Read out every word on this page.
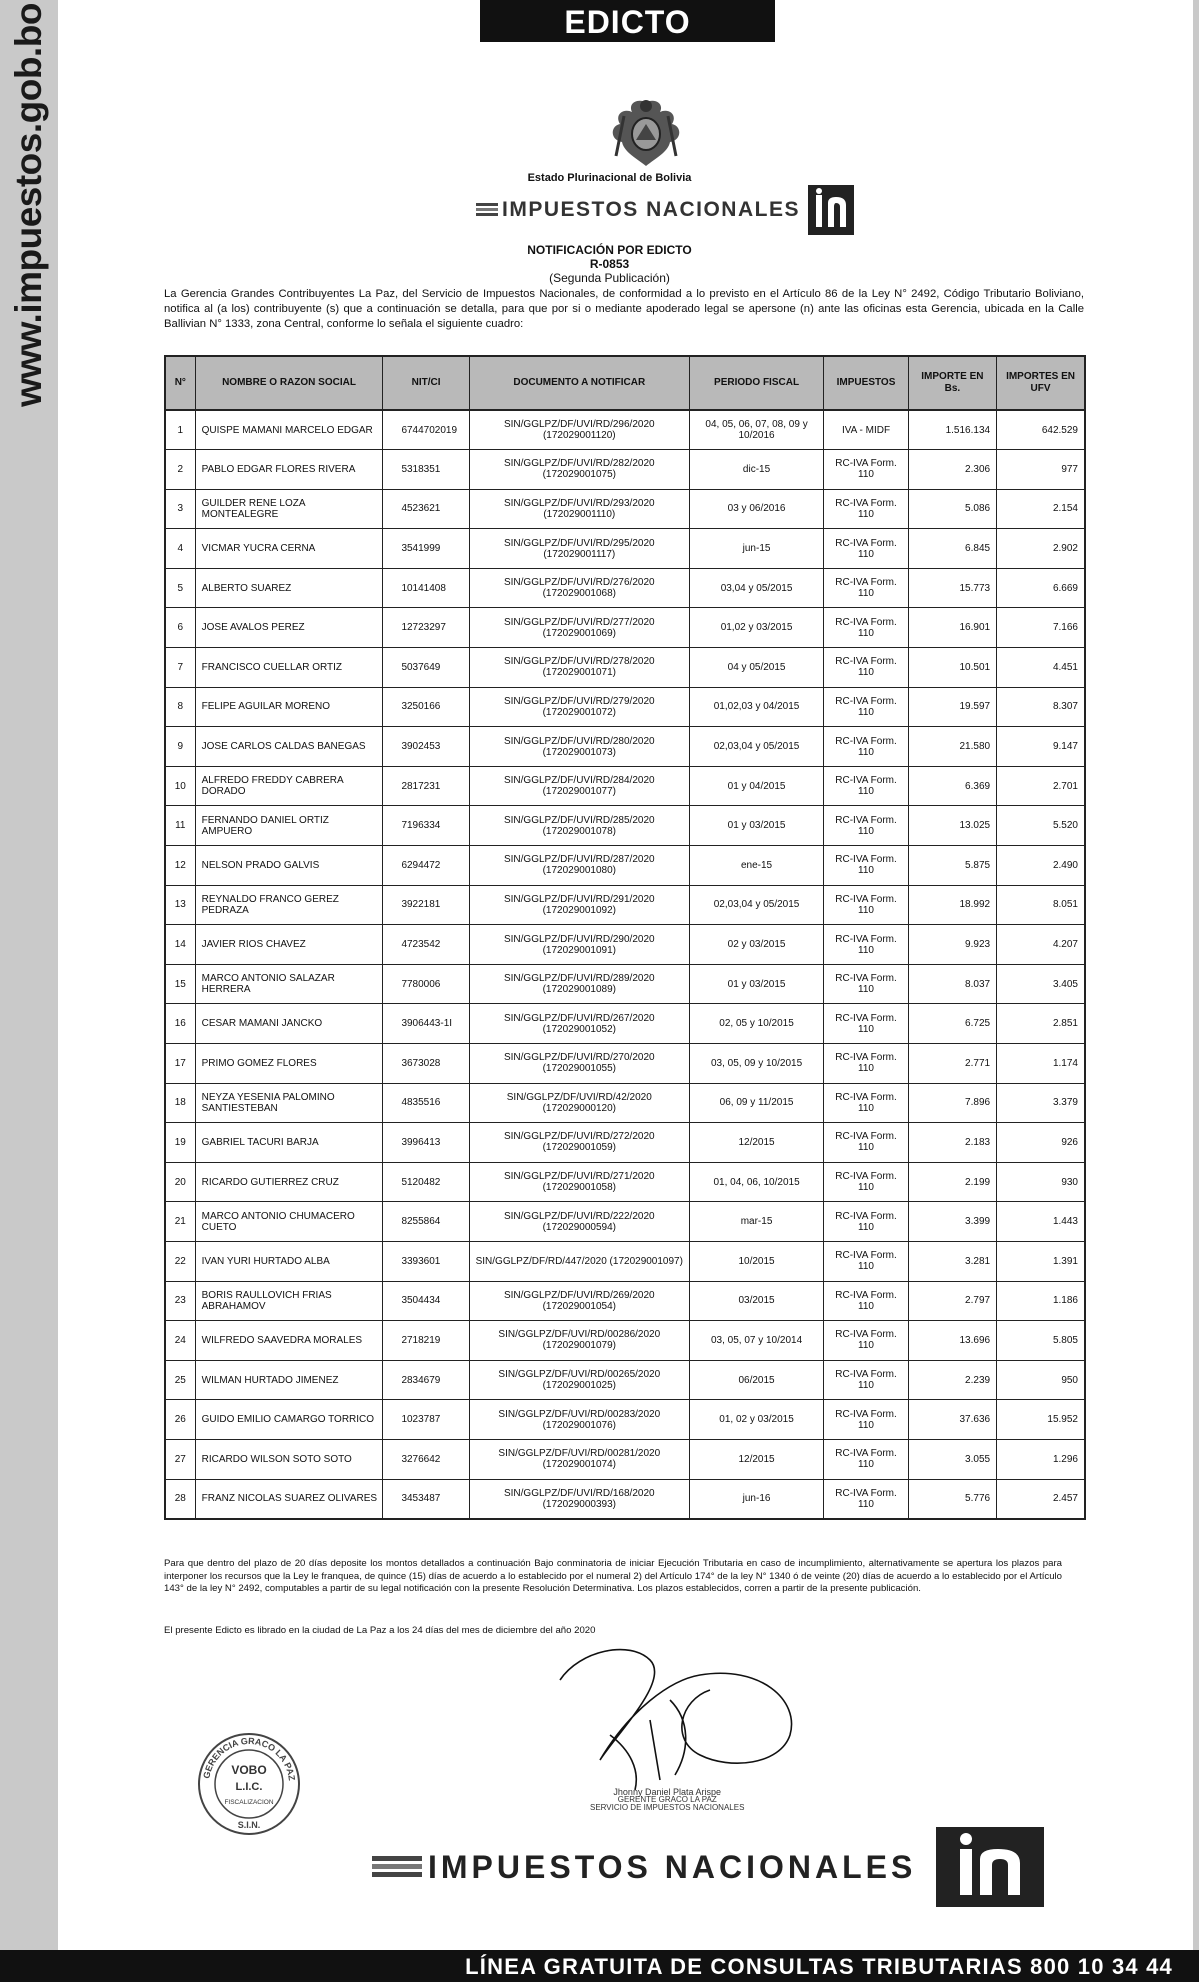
www.impuestos.gob.bo	EDICTO
Estado Plurinacional de Bolivia
IMPUESTOS NACIONALES
NOTIFICACIÓN POR EDICTO
R-0853
(Segunda Publicación)
La Gerencia Grandes Contribuyentes La Paz, del Servicio de Impuestos Nacionales, de conformidad a lo previsto en el Artículo 86 de la Ley N° 2492, Código Tributario Boliviano, notifica al (a los) contribuyente (s) que a continuación se detalla, para que por si o mediante apoderado legal se apersone (n) ante las oficinas esta Gerencia, ubicada en la Calle Ballivian N° 1333, zona Central, conforme lo señala el siguiente cuadro:
N°	NOMBRE O RAZON SOCIAL	NIT/CI	DOCUMENTO A NOTIFICAR	PERIODO FISCAL	IMPUESTOS	IMPORTE EN Bs.	IMPORTES EN UFV
1	QUISPE MAMANI MARCELO EDGAR	6744702019	SIN/GGLPZ/DF/UVI/RD/296/2020 (172029001120)	04, 05, 06, 07, 08, 09 y 10/2016	IVA - MIDF	1.516.134	642.529
2	PABLO EDGAR FLORES RIVERA	5318351	SIN/GGLPZ/DF/UVI/RD/282/2020 (172029001075)	dic-15	RC-IVA Form. 110	2.306	977
3	GUILDER RENE LOZA MONTEALEGRE	4523621	SIN/GGLPZ/DF/UVI/RD/293/2020 (172029001110)	03 y 06/2016	RC-IVA Form. 110	5.086	2.154
4	VICMAR YUCRA CERNA	3541999	SIN/GGLPZ/DF/UVI/RD/295/2020 (172029001117)	jun-15	RC-IVA Form. 110	6.845	2.902
5	ALBERTO SUAREZ	10141408	SIN/GGLPZ/DF/UVI/RD/276/2020 (172029001068)	03,04 y 05/2015	RC-IVA Form. 110	15.773	6.669
6	JOSE AVALOS PEREZ	12723297	SIN/GGLPZ/DF/UVI/RD/277/2020 (172029001069)	01,02 y 03/2015	RC-IVA Form. 110	16.901	7.166
7	FRANCISCO CUELLAR ORTIZ	5037649	SIN/GGLPZ/DF/UVI/RD/278/2020 (172029001071)	04 y 05/2015	RC-IVA Form. 110	10.501	4.451
8	FELIPE AGUILAR MORENO	3250166	SIN/GGLPZ/DF/UVI/RD/279/2020 (172029001072)	01,02,03 y 04/2015	RC-IVA Form. 110	19.597	8.307
9	JOSE CARLOS CALDAS BANEGAS	3902453	SIN/GGLPZ/DF/UVI/RD/280/2020 (172029001073)	02,03,04 y 05/2015	RC-IVA Form. 110	21.580	9.147
10	ALFREDO FREDDY CABRERA DORADO	2817231	SIN/GGLPZ/DF/UVI/RD/284/2020 (172029001077)	01 y 04/2015	RC-IVA Form. 110	6.369	2.701
11	FERNANDO DANIEL ORTIZ AMPUERO	7196334	SIN/GGLPZ/DF/UVI/RD/285/2020 (172029001078)	01 y 03/2015	RC-IVA Form. 110	13.025	5.520
12	NELSON PRADO GALVIS	6294472	SIN/GGLPZ/DF/UVI/RD/287/2020 (172029001080)	ene-15	RC-IVA Form. 110	5.875	2.490
13	REYNALDO FRANCO GEREZ PEDRAZA	3922181	SIN/GGLPZ/DF/UVI/RD/291/2020 (172029001092)	02,03,04 y 05/2015	RC-IVA Form. 110	18.992	8.051
14	JAVIER RIOS CHAVEZ	4723542	SIN/GGLPZ/DF/UVI/RD/290/2020 (172029001091)	02 y 03/2015	RC-IVA Form. 110	9.923	4.207
15	MARCO ANTONIO SALAZAR HERRERA	7780006	SIN/GGLPZ/DF/UVI/RD/289/2020 (172029001089)	01 y 03/2015	RC-IVA Form. 110	8.037	3.405
16	CESAR MAMANI JANCKO	3906443-1I	SIN/GGLPZ/DF/UVI/RD/267/2020 (172029001052)	02, 05 y 10/2015	RC-IVA Form. 110	6.725	2.851
17	PRIMO GOMEZ FLORES	3673028	SIN/GGLPZ/DF/UVI/RD/270/2020 (172029001055)	03, 05, 09 y 10/2015	RC-IVA Form. 110	2.771	1.174
18	NEYZA YESENIA PALOMINO SANTIESTEBAN	4835516	SIN/GGLPZ/DF/UVI/RD/42/2020 (172029000120)	06, 09 y 11/2015	RC-IVA Form. 110	7.896	3.379
19	GABRIEL TACURI BARJA	3996413	SIN/GGLPZ/DF/UVI/RD/272/2020 (172029001059)	12/2015	RC-IVA Form. 110	2.183	926
20	RICARDO GUTIERREZ CRUZ	5120482	SIN/GGLPZ/DF/UVI/RD/271/2020 (172029001058)	01, 04, 06, 10/2015	RC-IVA Form. 110	2.199	930
21	MARCO ANTONIO CHUMACERO CUETO	8255864	SIN/GGLPZ/DF/UVI/RD/222/2020 (172029000594)	mar-15	RC-IVA Form. 110	3.399	1.443
22	IVAN YURI HURTADO ALBA	3393601	SIN/GGLPZ/DF/RD/447/2020 (172029001097)	10/2015	RC-IVA Form. 110	3.281	1.391
23	BORIS RAULLOVICH FRIAS ABRAHAMOV	3504434	SIN/GGLPZ/DF/UVI/RD/269/2020 (172029001054)	03/2015	RC-IVA Form. 110	2.797	1.186
24	WILFREDO SAAVEDRA MORALES	2718219	SIN/GGLPZ/DF/UVI/RD/00286/2020 (172029001079)	03, 05, 07 y 10/2014	RC-IVA Form. 110	13.696	5.805
25	WILMAN HURTADO JIMENEZ	2834679	SIN/GGLPZ/DF/UVI/RD/00265/2020 (172029001025)	06/2015	RC-IVA Form. 110	2.239	950
26	GUIDO EMILIO CAMARGO TORRICO	1023787	SIN/GGLPZ/DF/UVI/RD/00283/2020 (172029001076)	01, 02 y 03/2015	RC-IVA Form. 110	37.636	15.952
27	RICARDO WILSON SOTO SOTO	3276642	SIN/GGLPZ/DF/UVI/RD/00281/2020 (172029001074)	12/2015	RC-IVA Form. 110	3.055	1.296
28	FRANZ NICOLAS SUAREZ OLIVARES	3453487	SIN/GGLPZ/DF/UVI/RD/168/2020 (172029000393)	jun-16	RC-IVA Form. 110	5.776	2.457
Para que dentro del plazo de 20 días deposite los montos detallados a continuación Bajo conminatoria de iniciar Ejecución Tributaria en caso de incumplimiento, alternativamente se apertura los plazos para interponer los recursos que la Ley le franquea, de quince (15) días de acuerdo a lo establecido por el numeral 2) del Artículo 174° de la ley N° 1340 ó de veinte (20) días de acuerdo a lo establecido por el Artículo 143° de la ley N° 2492, computables a partir de su legal notificación con la presente Resolución Determinativa. Los plazos establecidos, corren a partir de la presente publicación.
El presente Edicto es librado en la ciudad de La Paz a los 24 días del mes de diciembre del año 2020
Jhonny Daniel Plata Arispe
GERENTE GRACO LA PAZ
SERVICIO DE IMPUESTOS NACIONALES
GERENCIA GRACO LA PAZ
VOBO
L.I.C.
FISCALIZACION
S.I.N.
IMPUESTOS NACIONALES
LÍNEA GRATUITA DE CONSULTAS TRIBUTARIAS 800 10 34 44
